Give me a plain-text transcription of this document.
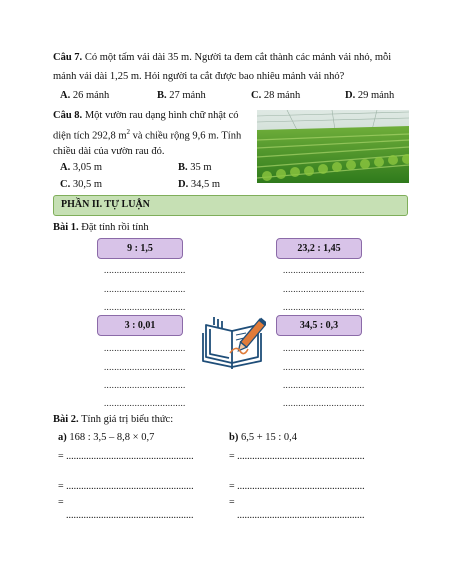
Câu 7. Có một tấm vải dài 35 m. Người ta đem cắt thành các mảnh vải nhỏ, mỗi
mảnh vải dài 1,25 m. Hỏi người ta cắt được bao nhiêu mảnh vải nhỏ?
A. 26 mảnh	B. 27 mảnh	C. 28 mảnh	D. 29 mảnh
Câu 8. Một vườn rau dạng hình chữ nhật có
diện tích 292,8 $m^2$ và chiều rộng 9,6 m. Tính
chiều dài của vườn rau đó.
A. 3,05 m	B. 35 m
C. 30,5 m	D. 34,5 m
PHẦN II. TỰ LUẬN
Bài 1. Đặt tính rồi tính
9 : 1,5	23,2 : 1,45
................................
................................
................................
................................
................................
................................
3 : 0,01	34,5 : 0,3
................................
................................
................................
................................
................................
................................
................................
................................
Bài 2. Tính giá trị biểu thức:
a) 168 : 3,5 – 8,8 × 0,7	b) 6,5 + 15 : 0,4
= ...................................................	= ...................................................
= ...................................................	= ...................................................
=	=
...................................................	...................................................
